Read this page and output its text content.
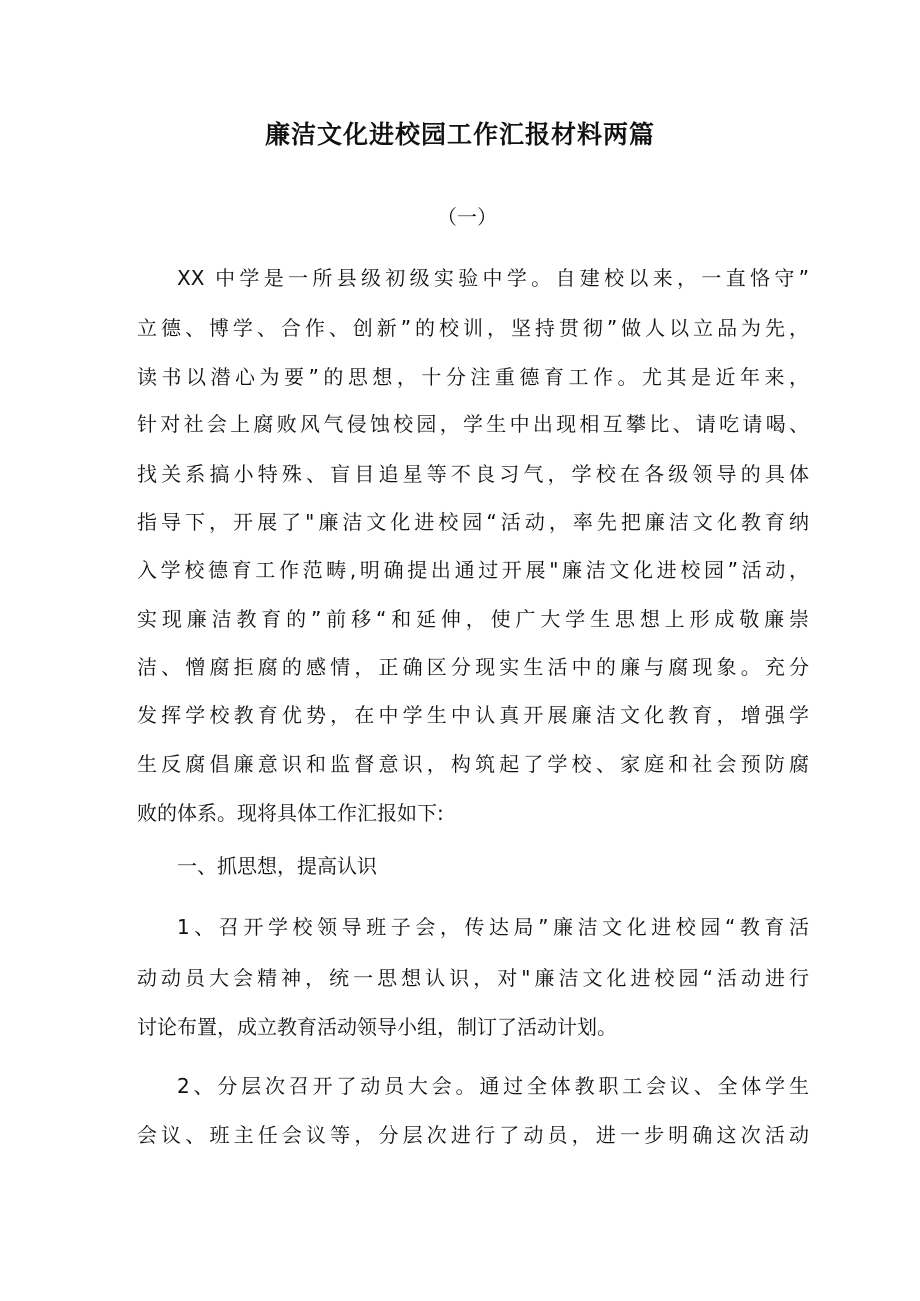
廉洁文化进校园工作汇报材料两篇
（一）
XX 中学是一所县级初级实验中学。自建校以来，一直恪守”
立德、博学、合作、创新”的校训，坚持贯彻”做人以立品为先，
读书以潜心为要”的思想，十分注重德育工作。尤其是近年来，
针对社会上腐败风气侵蚀校园，学生中出现相互攀比、请吃请喝、
找关系搞小特殊、盲目追星等不良习气，学校在各级领导的具体
指导下，开展了"廉洁文化进校园“活动，率先把廉洁文化教育纳
入学校德育工作范畴,明确提出通过开展"廉洁文化进校园”活动，
实现廉洁教育的”前移“和延伸，使广大学生思想上形成敬廉崇
洁、憎腐拒腐的感情，正确区分现实生活中的廉与腐现象。充分
发挥学校教育优势，在中学生中认真开展廉洁文化教育，增强学
生反腐倡廉意识和监督意识，构筑起了学校、家庭和社会预防腐
败的体系。现将具体工作汇报如下:
一、抓思想，提高认识
1、召开学校领导班子会，传达局”廉洁文化进校园“教育活
动动员大会精神，统一思想认识，对"廉洁文化进校园“活动进行
讨论布置，成立教育活动领导小组，制订了活动计划。
2、分层次召开了动员大会。通过全体教职工会议、全体学生
会议、班主任会议等，分层次进行了动员，进一步明确这次活动
